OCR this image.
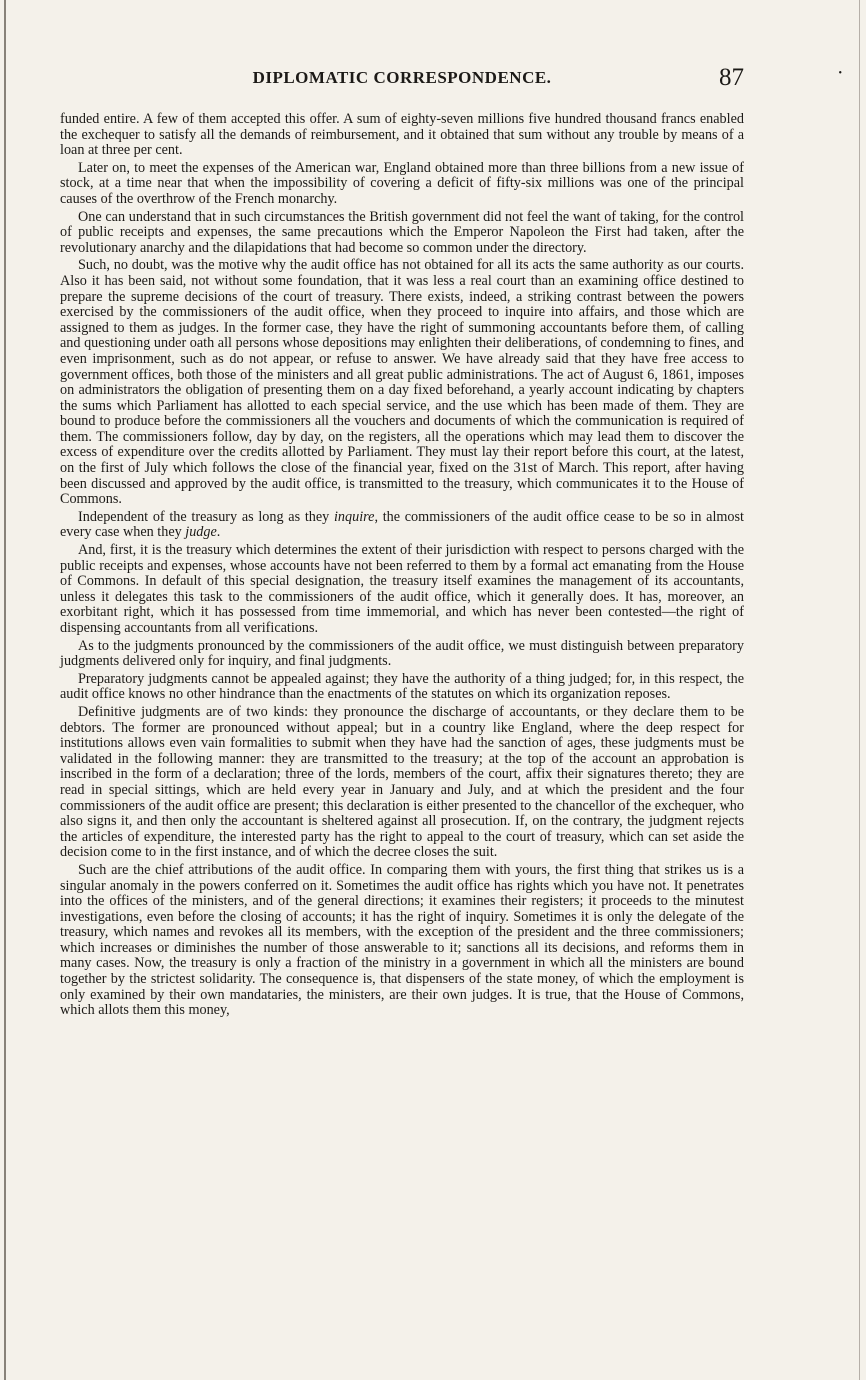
DIPLOMATIC CORRESPONDENCE.	87	•

funded entire. A few of them accepted this offer. A sum of eighty-seven millions five hundred thousand francs enabled the exchequer to satisfy all the demands of reimbursement, and it obtained that sum without any trouble by means of a loan at three per cent.

Later on, to meet the expenses of the American war, England obtained more than three billions from a new issue of stock, at a time near that when the impossibility of covering a deficit of fifty-six millions was one of the principal causes of the overthrow of the French monarchy.

One can understand that in such circumstances the British government did not feel the want of taking, for the control of public receipts and expenses, the same precautions which the Emperor Napoleon the First had taken, after the revolutionary anarchy and the dilapidations that had become so common under the directory.

Such, no doubt, was the motive why the audit office has not obtained for all its acts the same authority as our courts. Also it has been said, not without some foundation, that it was less a real court than an examining office destined to prepare the supreme decisions of the court of treasury. There exists, indeed, a striking contrast between the powers exercised by the commissioners of the audit office, when they proceed to inquire into affairs, and those which are assigned to them as judges. In the former case, they have the right of summoning accountants before them, of calling and questioning under oath all persons whose depositions may enlighten their deliberations, of condemning to fines, and even imprisonment, such as do not appear, or refuse to answer. We have already said that they have free access to government offices, both those of the ministers and all great public administrations. The act of August 6, 1861, imposes on administrators the obligation of presenting them on a day fixed beforehand, a yearly account indicating by chapters the sums which Parliament has allotted to each special service, and the use which has been made of them. They are bound to produce before the commissioners all the vouchers and documents of which the communication is required of them. The commissioners follow, day by day, on the registers, all the operations which may lead them to discover the excess of expenditure over the credits allotted by Parliament. They must lay their report before this court, at the latest, on the first of July which follows the close of the financial year, fixed on the 31st of March. This report, after having been discussed and approved by the audit office, is transmitted to the treasury, which communicates it to the House of Commons.

Independent of the treasury as long as they inquire, the commissioners of the audit office cease to be so in almost every case when they judge.

And, first, it is the treasury which determines the extent of their jurisdiction with respect to persons charged with the public receipts and expenses, whose accounts have not been referred to them by a formal act emanating from the House of Commons. In default of this special designation, the treasury itself examines the management of its accountants, unless it delegates this task to the commissioners of the audit office, which it generally does. It has, moreover, an exorbitant right, which it has possessed from time immemorial, and which has never been contested—the right of dispensing accountants from all verifications.

As to the judgments pronounced by the commissioners of the audit office, we must distinguish between preparatory judgments delivered only for inquiry, and final judgments.

Preparatory judgments cannot be appealed against; they have the authority of a thing judged; for, in this respect, the audit office knows no other hindrance than the enactments of the statutes on which its organization reposes.

Definitive judgments are of two kinds: they pronounce the discharge of accountants, or they declare them to be debtors. The former are pronounced without appeal; but in a country like England, where the deep respect for institutions allows even vain formalities to submit when they have had the sanction of ages, these judgments must be validated in the following manner: they are transmitted to the treasury; at the top of the account an approbation is inscribed in the form of a declaration; three of the lords, members of the court, affix their signatures thereto; they are read in special sittings, which are held every year in January and July, and at which the president and the four commissioners of the audit office are present; this declaration is either presented to the chancellor of the exchequer, who also signs it, and then only the accountant is sheltered against all prosecution. If, on the contrary, the judgment rejects the articles of expenditure, the interested party has the right to appeal to the court of treasury, which can set aside the decision come to in the first instance, and of which the decree closes the suit.

Such are the chief attributions of the audit office. In comparing them with yours, the first thing that strikes us is a singular anomaly in the powers conferred on it. Sometimes the audit office has rights which you have not. It penetrates into the offices of the ministers, and of the general directions; it examines their registers; it proceeds to the minutest investigations, even before the closing of accounts; it has the right of inquiry. Sometimes it is only the delegate of the treasury, which names and revokes all its members, with the exception of the president and the three commissioners; which increases or diminishes the number of those answerable to it; sanctions all its decisions, and reforms them in many cases. Now, the treasury is only a fraction of the ministry in a government in which all the ministers are bound together by the strictest solidarity. The consequence is, that dispensers of the state money, of which the employment is only examined by their own mandataries, the ministers, are their own judges. It is true, that the House of Commons, which allots them this money,
